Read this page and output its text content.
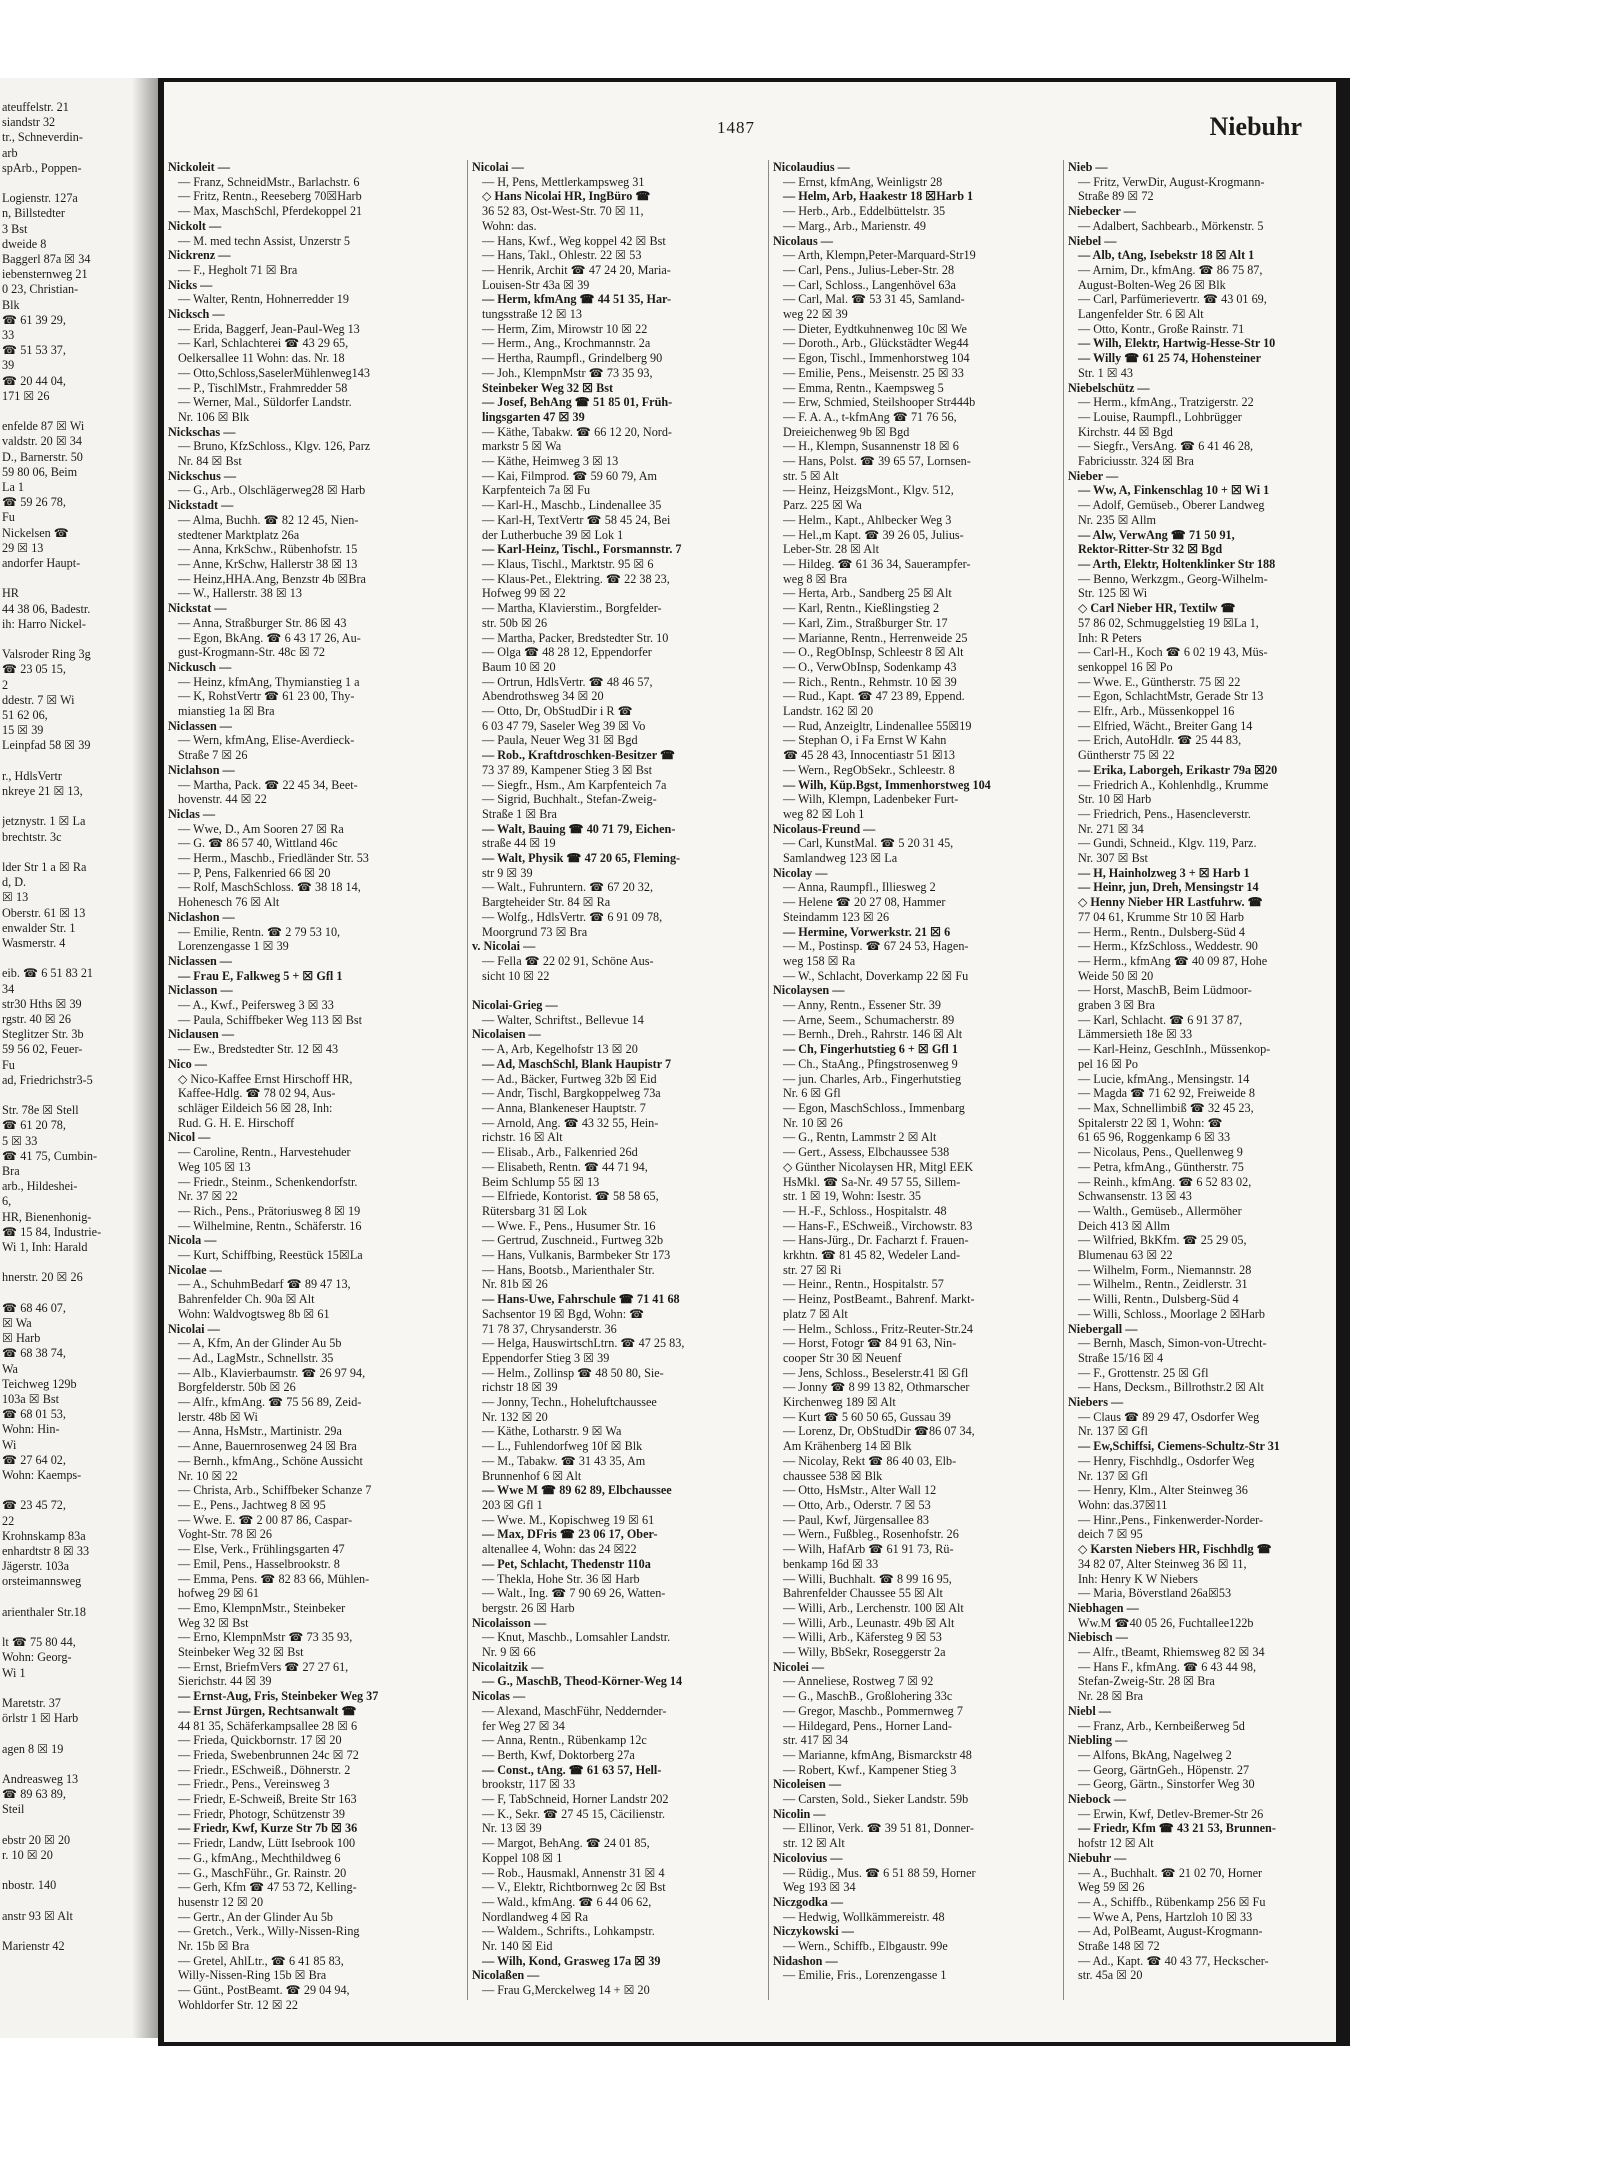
ateuffelstr. 21
siandstr 32
tr., Schneverdin-
arb
spArb., Poppen-
Logienstr. 127a
n, Billstedter
3 Bst
dweide 8
Baggerl 87a ☒ 34
iebensternweg 21
0 23, Christian-
Blk
☎ 61 39 29,
33
☎ 51 53 37,
39
☎ 20 44 04,
171 ☒ 26
enfelde 87 ☒ Wi
valdstr. 20 ☒ 34
D., Barnerstr. 50
59 80 06, Beim
La 1
☎ 59 26 78,
Fu
Nickelsen ☎
29 ☒ 13
andorfer Haupt-
HR
44 38 06, Badestr.
ih: Harro Nickel-
Valsroder Ring 3g
☎ 23 05 15,
2
ddestr. 7 ☒ Wi
51 62 06,
15 ☒ 39
Leinpfad 58 ☒ 39
r., HdlsVertr
nkreye 21 ☒ 13,
jetznystr. 1 ☒ La
brechtstr. 3c
lder Str 1 a ☒ Ra
d, D.
☒ 13
Oberstr. 61 ☒ 13
enwalder Str. 1
Wasmerstr. 4
eib. ☎ 6 51 83 21
34
str30 Hths ☒ 39
rgstr. 40 ☒ 26
Steglitzer Str. 3b
59 56 02, Feuer-
Fu
ad, Friedrichstr3-5
Str. 78e ☒ Stell
☎ 61 20 78,
5 ☒ 33
☎ 41 75, Cumbin-
Bra
arb., Hildeshei-
6,
HR, Bienenhonig-
☎ 15 84, Industrie-
Wi 1, Inh: Harald
hnerstr. 20 ☒ 26
☎ 68 46 07,
☒ Wa
☒ Harb
☎ 68 38 74,
Wa
Teichweg 129b
103a ☒ Bst
☎ 68 01 53,
Wohn: Hin-
Wi
☎ 27 64 02,
Wohn: Kaemps-
☎ 23 45 72,
22
Krohnskamp 83a
enhardtstr 8 ☒ 33
Jägerstr. 103a
orsteimannsweg
arienthaler Str.18
lt ☎ 75 80 44,
Wohn: Georg-
Wi 1
Maretstr. 37
örlstr 1 ☒ Harb
agen 8 ☒ 19
Andreasweg 13
☎ 89 63 89,
Steil
ebstr 20 ☒ 20
r. 10 ☒ 20
nbostr. 140
anstr 93 ☒ Alt
Marienstr 42
1487	Niebuhr
Nickoleit —
— Franz, SchneidMstr., Barlachstr. 6
— Fritz, Rentn., Reeseberg 70☒Harb
— Max, MaschSchl, Pferdekoppel 21
Nickolt —
— M. med techn Assist, Unzerstr 5
Nickrenz —
— F., Hegholt 71 ☒ Bra
Nicks —
— Walter, Rentn, Hohnerredder 19
Nicksch —
— Erida, Baggerf, Jean-Paul-Weg 13
— Karl, Schlachterei ☎ 43 29 65,
Oelkersallee 11 Wohn: das. Nr. 18
— Otto,Schloss,SaselerMühlenweg143
— P., TischlMstr., Frahmredder 58
— Werner, Mal., Süldorfer Landstr.
Nr. 106 ☒ Blk
Nickschas —
— Bruno, KfzSchloss., Klgv. 126, Parz
Nr. 84 ☒ Bst
Nickschus —
— G., Arb., Olschlägerweg28 ☒ Harb
Nickstadt —
— Alma, Buchh. ☎ 82 12 45, Nien-
stedtener Marktplatz 26a
— Anna, KrkSchw., Rübenhofstr. 15
— Anne, KrSchw, Hallerstr 38 ☒ 13
— Heinz,HHA.Ang, Benzstr 4b ☒Bra
— W., Hallerstr. 38 ☒ 13
Nickstat —
— Anna, Straßburger Str. 86 ☒ 43
— Egon, BkAng. ☎ 6 43 17 26, Au-
gust-Krogmann-Str. 48c ☒ 72
Nickusch —
— Heinz, kfmAng, Thymianstieg 1 a
— K, RohstVertr ☎ 61 23 00, Thy-
mianstieg 1a ☒ Bra
Niclassen —
— Wern, kfmAng, Elise-Averdieck-
Straße 7 ☒ 26
Niclahson —
— Martha, Pack. ☎ 22 45 34, Beet-
hovenstr. 44 ☒ 22
Niclas —
— Wwe, D., Am Sooren 27 ☒ Ra
— G. ☎ 86 57 40, Wittland 46c
— Herm., Maschb., Friedländer Str. 53
— P, Pens, Falkenried 66 ☒ 20
— Rolf, MaschSchloss. ☎ 38 18 14,
Hohenesch 76 ☒ Alt
Niclashon —
— Emilie, Rentn. ☎ 2 79 53 10,
Lorenzengasse 1 ☒ 39
Niclassen —
— Frau E, Falkweg 5 + ☒ Gfl 1
Niclasson —
— A., Kwf., Peifersweg 3 ☒ 33
— Paula, Schiffbeker Weg 113 ☒ Bst
Niclausen —
— Ew., Bredstedter Str. 12 ☒ 43
Nico —
◇ Nico-Kaffee Ernst Hirschoff HR,
Kaffee-Hdlg. ☎ 78 02 94, Aus-
schläger Eildeich 56 ☒ 28, Inh:
Rud. G. H. E. Hirschoff
Nicol —
— Caroline, Rentn., Harvestehuder
Weg 105 ☒ 13
— Friedr., Steinm., Schenkendorfstr.
Nr. 37 ☒ 22
— Rich., Pens., Prätoriusweg 8 ☒ 19
— Wilhelmine, Rentn., Schäferstr. 16
Nicola —
— Kurt, Schiffbing, Reestück 15☒La
Nicolae —
— A., SchuhmBedarf ☎ 89 47 13,
Bahrenfelder Ch. 90a ☒ Alt
Wohn: Waldvogtsweg 8b ☒ 61
Nicolai —
— A, Kfm, An der Glinder Au 5b
— Ad., LagMstr., Schnellstr. 35
— Alb., Klavierbaumstr. ☎ 26 97 94,
Borgfelderstr. 50b ☒ 26
— Alfr., kfmAng. ☎ 75 56 89, Zeid-
lerstr. 48b ☒ Wi
— Anna, HsMstr., Martinistr. 29a
— Anne, Bauernrosenweg 24 ☒ Bra
— Bernh., kfmAng., Schöne Aussicht
Nr. 10 ☒ 22
— Christa, Arb., Schiffbeker Schanze 7
— E., Pens., Jachtweg 8 ☒ 95
— Wwe. E. ☎ 2 00 87 86, Caspar-
Voght-Str. 78 ☒ 26
— Else, Verk., Frühlingsgarten 47
— Emil, Pens., Hasselbrookstr. 8
— Emma, Pens. ☎ 82 83 66, Mühlen-
hofweg 29 ☒ 61
— Emo, KlempnMstr., Steinbeker
Weg 32 ☒ Bst
— Erno, KlempnMstr ☎ 73 35 93,
Steinbeker Weg 32 ☒ Bst
— Ernst, BriefmVers ☎ 27 27 61,
Sierichstr. 44 ☒ 39
— Ernst-Aug, Fris, Steinbeker Weg 37
— Ernst Jürgen, Rechtsanwalt ☎
44 81 35, Schäferkampsallee 28 ☒ 6
— Frieda, Quickbornstr. 17 ☒ 20
— Frieda, Swebenbrunnen 24c ☒ 72
— Friedr., ESchweiß., Döhnerstr. 2
— Friedr., Pens., Vereinsweg 3
— Friedr, E-Schweiß, Breite Str 163
— Friedr, Photogr, Schützenstr 39
— Friedr, Kwf, Kurze Str 7b ☒ 36
— Friedr, Landw, Lütt Isebrook 100
— G., kfmAng., Mechthildweg 6
— G., MaschFühr., Gr. Rainstr. 20
— Gerh, Kfm ☎ 47 53 72, Kelling-
husenstr 12 ☒ 20
— Gertr., An der Glinder Au 5b
— Gretch., Verk., Willy-Nissen-Ring
Nr. 15b ☒ Bra
— Gretel, AhlLtr., ☎ 6 41 85 83,
Willy-Nissen-Ring 15b ☒ Bra
— Günt., PostBeamt. ☎ 29 04 94,
Wohldorfer Str. 12 ☒ 22
Nicolai —
— H, Pens, Mettlerkampsweg 31
◇ Hans Nicolai HR, IngBüro ☎
36 52 83, Ost-West-Str. 70 ☒ 11,
Wohn: das.
— Hans, Kwf., Weg koppel 42 ☒ Bst
— Hans, Takl., Ohlestr. 22 ☒ 53
— Henrik, Archit ☎ 47 24 20, Maria-
Louisen-Str 43a ☒ 39
— Herm, kfmAng ☎ 44 51 35, Har-
tungsstraße 12 ☒ 13
— Herm, Zim, Mirowstr 10 ☒ 22
— Herm., Ang., Krochmannstr. 2a
— Hertha, Raumpfl., Grindelberg 90
— Joh., KlempnMstr ☎ 73 35 93,
Steinbeker Weg 32 ☒ Bst
— Josef, BehAng ☎ 51 85 01, Früh-
lingsgarten 47 ☒ 39
— Käthe, Tabakw. ☎ 66 12 20, Nord-
markstr 5 ☒ Wa
— Käthe, Heimweg 3 ☒ 13
— Kai, Filmprod. ☎ 59 60 79, Am
Karpfenteich 7a ☒ Fu
— Karl-H., Maschb., Lindenallee 35
— Karl-H, TextVertr ☎ 58 45 24, Bei
der Lutherbuche 39 ☒ Lok 1
— Karl-Heinz, Tischl., Forsmannstr. 7
— Klaus, Tischl., Marktstr. 95 ☒ 6
— Klaus-Pet., Elektring. ☎ 22 38 23,
Hofweg 99 ☒ 22
— Martha, Klavierstim., Borgfelder-
str. 50b ☒ 26
— Martha, Packer, Bredstedter Str. 10
— Olga ☎ 48 28 12, Eppendorfer
Baum 10 ☒ 20
— Ortrun, HdlsVertr. ☎ 48 46 57,
Abendrothsweg 34 ☒ 20
— Otto, Dr, ObStudDir i R ☎
6 03 47 79, Saseler Weg 39 ☒ Vo
— Paula, Neuer Weg 31 ☒ Bgd
— Rob., Kraftdroschken-Besitzer ☎
73 37 89, Kampener Stieg 3 ☒ Bst
— Siegfr., Hsm., Am Karpfenteich 7a
— Sigrid, Buchhalt., Stefan-Zweig-
Straße 1 ☒ Bra
— Walt, Bauing ☎ 40 71 79, Eichen-
straße 44 ☒ 19
— Walt, Physik ☎ 47 20 65, Fleming-
str 9 ☒ 39
— Walt., Fuhruntern. ☎ 67 20 32,
Bargteheider Str. 84 ☒ Ra
— Wolfg., HdlsVertr. ☎ 6 91 09 78,
Moorgrund 73 ☒ Bra
v. Nicolai —
— Fella ☎ 22 02 91, Schöne Aus-
sicht 10 ☒ 22

Nicolai-Grieg —
— Walter, Schriftst., Bellevue 14
Nicolaisen —
— A, Arb, Kegelhofstr 13 ☒ 20
— Ad, MaschSchl, Blank Haupistr 7
— Ad., Bäcker, Furtweg 32b ☒ Eid
— Andr, Tischl, Bargkoppelweg 73a
— Anna, Blankeneser Hauptstr. 7
— Arnold, Ang. ☎ 43 32 55, Hein-
richstr. 16 ☒ Alt
— Elisab., Arb., Falkenried 26d
— Elisabeth, Rentn. ☎ 44 71 94,
Beim Schlump 55 ☒ 13
— Elfriede, Kontorist. ☎ 58 58 65,
Rütersbarg 31 ☒ Lok
— Wwe. F., Pens., Husumer Str. 16
— Gertrud, Zuschneid., Furtweg 32b
— Hans, Vulkanis, Barmbeker Str 173
— Hans, Bootsb., Marienthaler Str.
Nr. 81b ☒ 26
— Hans-Uwe, Fahrschule ☎ 71 41 68
Sachsentor 19 ☒ Bgd, Wohn: ☎
71 78 37, Chrysanderstr. 36
— Helga, HauswirtschLtrn. ☎ 47 25 83,
Eppendorfer Stieg 3 ☒ 39
— Helm., Zollinsp ☎ 48 50 80, Sie-
richstr 18 ☒ 39
— Jonny, Techn., Hoheluftchaussee
Nr. 132 ☒ 20
— Käthe, Lotharstr. 9 ☒ Wa
— L., Fuhlendorfweg 10f ☒ Blk
— M., Tabakw. ☎ 31 43 35, Am
Brunnenhof 6 ☒ Alt
— Wwe M ☎ 89 62 89, Elbchaussee
203 ☒ Gfl 1
— Wwe. M., Kopischweg 19 ☒ 61
— Max, DFris ☎ 23 06 17, Ober-
altenallee 4, Wohn: das 24 ☒22
— Pet, Schlacht, Thedenstr 110a
— Thekla, Hohe Str. 36 ☒ Harb
— Walt., Ing. ☎ 7 90 69 26, Watten-
bergstr. 26 ☒ Harb
Nicolaisson —
— Knut, Maschb., Lomsahler Landstr.
Nr. 9 ☒ 66
Nicolaitzik —
— G., MaschB, Theod-Körner-Weg 14
Nicolas —
— Alexand, MaschFühr, Neddernder-
fer Weg 27 ☒ 34
— Anna, Rentn., Rübenkamp 12c
— Berth, Kwf, Doktorberg 27a
— Const., tAng. ☎ 61 63 57, Hell-
brookstr, 117 ☒ 33
— F, TabSchneid, Horner Landstr 202
— K., Sekr. ☎ 27 45 15, Cäcilienstr.
Nr. 13 ☒ 39
— Margot, BehAng. ☎ 24 01 85,
Koppel 108 ☒ 1
— Rob., Hausmakl, Annenstr 31 ☒ 4
— V., Elektr, Richtbornweg 2c ☒ Bst
— Wald., kfmAng. ☎ 6 44 06 62,
Nordlandweg 4 ☒ Ra
— Waldem., Schrifts., Lohkampstr.
Nr. 140 ☒ Eid
— Wilh, Kond, Grasweg 17a ☒ 39
Nicolaßen —
— Frau G,Merckelweg 14 + ☒ 20
Nicolaudius —
— Ernst, kfmAng, Weinligstr 28
— Helm, Arb, Haakestr 18 ☒Harb 1
— Herb., Arb., Eddelbüttelstr. 35
— Marg., Arb., Marienstr. 49
Nicolaus —
— Arth, Klempn,Peter-Marquard-Str19
— Carl, Pens., Julius-Leber-Str. 28
— Carl, Schloss., Langenhövel 63a
— Carl, Mal. ☎ 53 31 45, Samland-
weg 22 ☒ 39
— Dieter, Eydtkuhnenweg 10c ☒ We
— Doroth., Arb., Glückstädter Weg44
— Egon, Tischl., Immenhorstweg 104
— Emilie, Pens., Meisenstr. 25 ☒ 33
— Emma, Rentn., Kaempsweg 5
— Erw, Schmied, Steilshooper Str444b
— F. A. A., t-kfmAng ☎ 71 76 56,
Dreieichenweg 9b ☒ Bgd
— H., Klempn, Susannenstr 18 ☒ 6
— Hans, Polst. ☎ 39 65 57, Lornsen-
str. 5 ☒ Alt
— Heinz, HeizgsMont., Klgv. 512,
Parz. 225 ☒ Wa
— Helm., Kapt., Ahlbecker Weg 3
— Hel.,m Kapt. ☎ 39 26 05, Julius-
Leber-Str. 28 ☒ Alt
— Hildeg. ☎ 61 36 34, Sauerampfer-
weg 8 ☒ Bra
— Herta, Arb., Sandberg 25 ☒ Alt
— Karl, Rentn., Kießlingstieg 2
— Karl, Zim., Straßburger Str. 17
— Marianne, Rentn., Herrenweide 25
— O., RegObInsp, Schleestr 8 ☒ Alt
— O., VerwObInsp, Sodenkamp 43
— Rich., Rentn., Rehmstr. 10 ☒ 39
— Rud., Kapt. ☎ 47 23 89, Eppend.
Landstr. 162 ☒ 20
— Rud, Anzeigltr, Lindenallee 55☒19
— Stephan O, i Fa Ernst W Kahn
☎ 45 28 43, Innocentiastr 51 ☒13
— Wern., RegObSekr., Schleestr. 8
— Wilh, Küp.Bgst, Immenhorstweg 104
— Wilh, Klempn, Ladenbeker Furt-
weg 82 ☒ Loh 1
Nicolaus-Freund —
— Carl, KunstMal. ☎ 5 20 31 45,
Samlandweg 123 ☒ La
Nicolay —
— Anna, Raumpfl., Illiesweg 2
— Helene ☎ 20 27 08, Hammer
Steindamm 123 ☒ 26
— Hermine, Vorwerkstr. 21 ☒ 6
— M., Postinsp. ☎ 67 24 53, Hagen-
weg 158 ☒ Ra
— W., Schlacht, Doverkamp 22 ☒ Fu
Nicolaysen —
— Anny, Rentn., Essener Str. 39
— Arne, Seem., Schumacherstr. 89
— Bernh., Dreh., Rahrstr. 146 ☒ Alt
— Ch, Fingerhutstieg 6 + ☒ Gfl 1
— Ch., StaAng., Pfingstrosenweg 9
— jun. Charles, Arb., Fingerhutstieg
Nr. 6 ☒ Gfl
— Egon, MaschSchloss., Immenbarg
Nr. 10 ☒ 26
— G., Rentn, Lammstr 2 ☒ Alt
— Gert., Assess, Elbchaussee 538
◇ Günther Nicolaysen HR, Mitgl EEK
HsMkl. ☎ Sa-Nr. 49 57 55, Sillem-
str. 1 ☒ 19, Wohn: Isestr. 35
— H.-F., Schloss., Hospitalstr. 48
— Hans-F., ESchweiß., Virchowstr. 83
— Hans-Jürg., Dr. Facharzt f. Frauen-
krkhtn. ☎ 81 45 82, Wedeler Land-
str. 27 ☒ Ri
— Heinr., Rentn., Hospitalstr. 57
— Heinz, PostBeamt., Bahrenf. Markt-
platz 7 ☒ Alt
— Helm., Schloss., Fritz-Reuter-Str.24
— Horst, Fotogr ☎ 84 91 63, Nin-
cooper Str 30 ☒ Neuenf
— Jens, Schloss., Beselerstr.41 ☒ Gfl
— Jonny ☎ 8 99 13 82, Othmarscher
Kirchenweg 189 ☒ Alt
— Kurt ☎ 5 60 50 65, Gussau 39
— Lorenz, Dr, ObStudDir ☎86 07 34,
Am Krähenberg 14 ☒ Blk
— Nicolay, Rekt ☎ 86 40 03, Elb-
chaussee 538 ☒ Blk
— Otto, HsMstr., Alter Wall 12
— Otto, Arb., Oderstr. 7 ☒ 53
— Paul, Kwf, Jürgensallee 83
— Wern., Fußbleg., Rosenhofstr. 26
— Wilh, HafArb ☎ 61 91 73, Rü-
benkamp 16d ☒ 33
— Willi, Buchhalt. ☎ 8 99 16 95,
Bahrenfelder Chaussee 55 ☒ Alt
— Willi, Arb., Lerchenstr. 100 ☒ Alt
— Willi, Arb., Leunastr. 49b ☒ Alt
— Willi, Arb., Käfersteg 9 ☒ 53
— Willy, BbSekr, Roseggerstr 2a
Nicolei —
— Anneliese, Rostweg 7 ☒ 92
— G., MaschB., Großlohering 33c
— Gregor, Maschb., Pommernweg 7
— Hildegard, Pens., Horner Land-
str. 417 ☒ 34
— Marianne, kfmAng, Bismarckstr 48
— Robert, Kwf., Kampener Stieg 3
Nicoleisen —
— Carsten, Sold., Sieker Landstr. 59b
Nicolin —
— Ellinor, Verk. ☎ 39 51 81, Donner-
str. 12 ☒ Alt
Nicolovius —
— Rüdig., Mus. ☎ 6 51 88 59, Horner
Weg 193 ☒ 34
Niczgodka —
— Hedwig, Wollkämmereistr. 48
Niczykowski —
— Wern., Schiffb., Elbgaustr. 99e
Nidashon —
— Emilie, Fris., Lorenzengasse 1
Nieb —
— Fritz, VerwDir, August-Krogmann-
Straße 89 ☒ 72
Niebecker —
— Adalbert, Sachbearb., Mörkenstr. 5
Niebel —
— Alb, tAng, Isebekstr 18 ☒ Alt 1
— Arnim, Dr., kfmAng. ☎ 86 75 87,
August-Bolten-Weg 26 ☒ Blk
— Carl, Parfümerievertr. ☎ 43 01 69,
Langenfelder Str. 6 ☒ Alt
— Otto, Kontr., Große Rainstr. 71
— Wilh, Elektr, Hartwig-Hesse-Str 10
— Willy ☎ 61 25 74, Hohensteiner
Str. 1 ☒ 43
Niebelschütz —
— Herm., kfmAng., Tratzigerstr. 22
— Louise, Raumpfl., Lohbrügger
Kirchstr. 44 ☒ Bgd
— Siegfr., VersAng. ☎ 6 41 46 28,
Fabriciusstr. 324 ☒ Bra
Nieber —
— Ww, A, Finkenschlag 10 + ☒ Wi 1
— Adolf, Gemüseb., Oberer Landweg
Nr. 235 ☒ Allm
— Alw, VerwAng ☎ 71 50 91,
Rektor-Ritter-Str 32 ☒ Bgd
— Arth, Elektr, Holtenklinker Str 188
— Benno, Werkzgm., Georg-Wilhelm-
Str. 125 ☒ Wi
◇ Carl Nieber HR, Textilw ☎
57 86 02, Schmuggelstieg 19 ☒La 1,
Inh: R Peters
— Carl-H., Koch ☎ 6 02 19 43, Müs-
senkoppel 16 ☒ Po
— Wwe. E., Güntherstr. 75 ☒ 22
— Egon, SchlachtMstr, Gerade Str 13
— Elfr., Arb., Müssenkoppel 16
— Elfried, Wächt., Breiter Gang 14
— Erich, AutoHdlr. ☎ 25 44 83,
Güntherstr 75 ☒ 22
— Erika, Laborgeh, Erikastr 79a ☒20
— Friedrich A., Kohlenhdlg., Krumme
Str. 10 ☒ Harb
— Friedrich, Pens., Hasencleverstr.
Nr. 271 ☒ 34
— Gundi, Schneid., Klgv. 119, Parz.
Nr. 307 ☒ Bst
— H, Hainholzweg 3 + ☒ Harb 1
— Heinr, jun, Dreh, Mensingstr 14
◇ Henny Nieber HR Lastfuhrw. ☎
77 04 61, Krumme Str 10 ☒ Harb
— Herm., Rentn., Dulsberg-Süd 4
— Herm., KfzSchloss., Weddestr. 90
— Herm., kfmAng ☎ 40 09 87, Hohe
Weide 50 ☒ 20
— Horst, MaschB, Beim Lüdmoor-
graben 3 ☒ Bra
— Karl, Schlacht. ☎ 6 91 37 87,
Lämmersieth 18e ☒ 33
— Karl-Heinz, GeschInh., Müssenkop-
pel 16 ☒ Po
— Lucie, kfmAng., Mensingstr. 14
— Magda ☎ 71 62 92, Freiweide 8
— Max, Schnellimbiß ☎ 32 45 23,
Spitalerstr 22 ☒ 1, Wohn: ☎
61 65 96, Roggenkamp 6 ☒ 33
— Nicolaus, Pens., Quellenweg 9
— Petra, kfmAng., Güntherstr. 75
— Reinh., kfmAng. ☎ 6 52 83 02,
Schwansenstr. 13 ☒ 43
— Walth., Gemüseb., Allermöher
Deich 413 ☒ Allm
— Wilfried, BkKfm. ☎ 25 29 05,
Blumenau 63 ☒ 22
— Wilhelm, Form., Niemannstr. 28
— Wilhelm., Rentn., Zeidlerstr. 31
— Willi, Rentn., Dulsberg-Süd 4
— Willi, Schloss., Moorlage 2 ☒Harb
Niebergall —
— Bernh, Masch, Simon-von-Utrecht-
Straße 15/16 ☒ 4
— F., Grottenstr. 25 ☒ Gfl
— Hans, Decksm., Billrothstr.2 ☒ Alt
Niebers —
— Claus ☎ 89 29 47, Osdorfer Weg
Nr. 137 ☒ Gfl
— Ew,Schiffsi, Ciemens-Schultz-Str 31
— Henry, Fischhdlg., Osdorfer Weg
Nr. 137 ☒ Gfl
— Henry, Klm., Alter Steinweg 36
Wohn: das.37☒11
— Hinr.,Pens., Finkenwerder-Norder-
deich 7 ☒ 95
◇ Karsten Niebers HR, Fischhdlg ☎
34 82 07, Alter Steinweg 36 ☒ 11,
Inh: Henry K W Niebers
— Maria, Böverstland 26a☒53
Niebhagen —
Ww.M ☎40 05 26, Fuchtallee122b
Niebisch —
— Alfr., tBeamt, Rhiemsweg 82 ☒ 34
— Hans F., kfmAng. ☎ 6 43 44 98,
Stefan-Zweig-Str. 28 ☒ Bra
Nr. 28 ☒ Bra
Niebl —
— Franz, Arb., Kernbeißerweg 5d
Niebling —
— Alfons, BkAng, Nagelweg 2
— Georg, GärtnGeh., Höpenstr. 27
— Georg, Gärtn., Sinstorfer Weg 30
Niebock —
— Erwin, Kwf, Detlev-Bremer-Str 26
— Friedr, Kfm ☎ 43 21 53, Brunnen-
hofstr 12 ☒ Alt
Niebuhr —
— A., Buchhalt. ☎ 21 02 70, Horner
Weg 59 ☒ 26
— A., Schiffb., Rübenkamp 256 ☒ Fu
— Wwe A, Pens, Hartzloh 10 ☒ 33
— Ad, PolBeamt, August-Krogmann-
Straße 148 ☒ 72
— Ad., Kapt. ☎ 40 43 77, Heckscher-
str. 45a ☒ 20
